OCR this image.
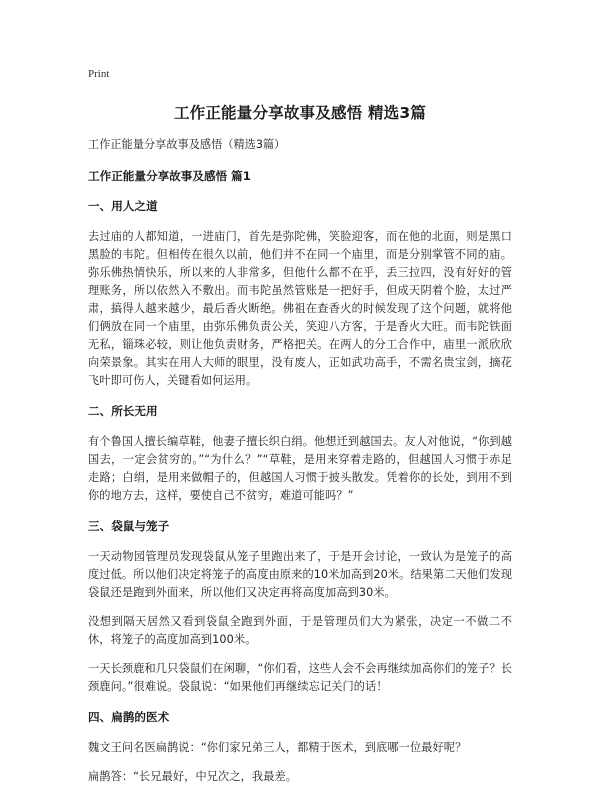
Print
工作正能量分享故事及感悟 精选3篇
工作正能量分享故事及感悟（精选3篇）
工作正能量分享故事及感悟 篇1
一、用人之道
去过庙的人都知道，一进庙门，首先是弥陀佛，笑脸迎客，而在他的北面，则是黑口黑脸的韦陀。但相传在很久以前，他们并不在同一个庙里，而是分别掌管不同的庙。弥乐佛热情快乐，所以来的人非常多，但他什么都不在乎，丢三拉四，没有好好的管理账务，所以依然入不敷出。而韦陀虽然管账是一把好手，但成天阴着个脸，太过严肃，搞得人越来越少，最后香火断绝。佛祖在查香火的时候发现了这个问题，就将他们俩放在同一个庙里，由弥乐佛负责公关，笑迎八方客，于是香火大旺。而韦陀铁面无私，锱珠必较，则让他负责财务，严格把关。在两人的分工合作中，庙里一派欣欣向荣景象。其实在用人大师的眼里，没有废人，正如武功高手，不需名贵宝剑，摘花飞叶即可伤人，关键看如何运用。
二、所长无用
有个鲁国人擅长编草鞋，他妻子擅长织白绢。他想迁到越国去。友人对他说，“你到越国去，一定会贫穷的。”“为什么？”“草鞋，是用来穿着走路的，但越国人习惯于赤足走路；白绢，是用来做帽子的，但越国人习惯于披头散发。凭着你的长处，到用不到你的地方去，这样，要使自己不贫穷，难道可能吗？”
三、袋鼠与笼子
一天动物园管理员发现袋鼠从笼子里跑出来了，于是开会讨论，一致认为是笼子的高度过低。所以他们决定将笼子的高度由原来的10米加高到20米。结果第二天他们发现袋鼠还是跑到外面来，所以他们又决定再将高度加高到30米。
没想到隔天居然又看到袋鼠全跑到外面，于是管理员们大为紧张，决定一不做二不休，将笼子的高度加高到100米。
一天长颈鹿和几只袋鼠们在闲聊，“你们看，这些人会不会再继续加高你们的笼子？长颈鹿问。”很难说。袋鼠说：“如果他们再继续忘记关门的话！
四、扁鹊的医术
魏文王问名医扁鹊说：“你们家兄弟三人，都精于医术，到底哪一位最好呢？
扁鹊答：“长兄最好，中兄次之，我最差。
